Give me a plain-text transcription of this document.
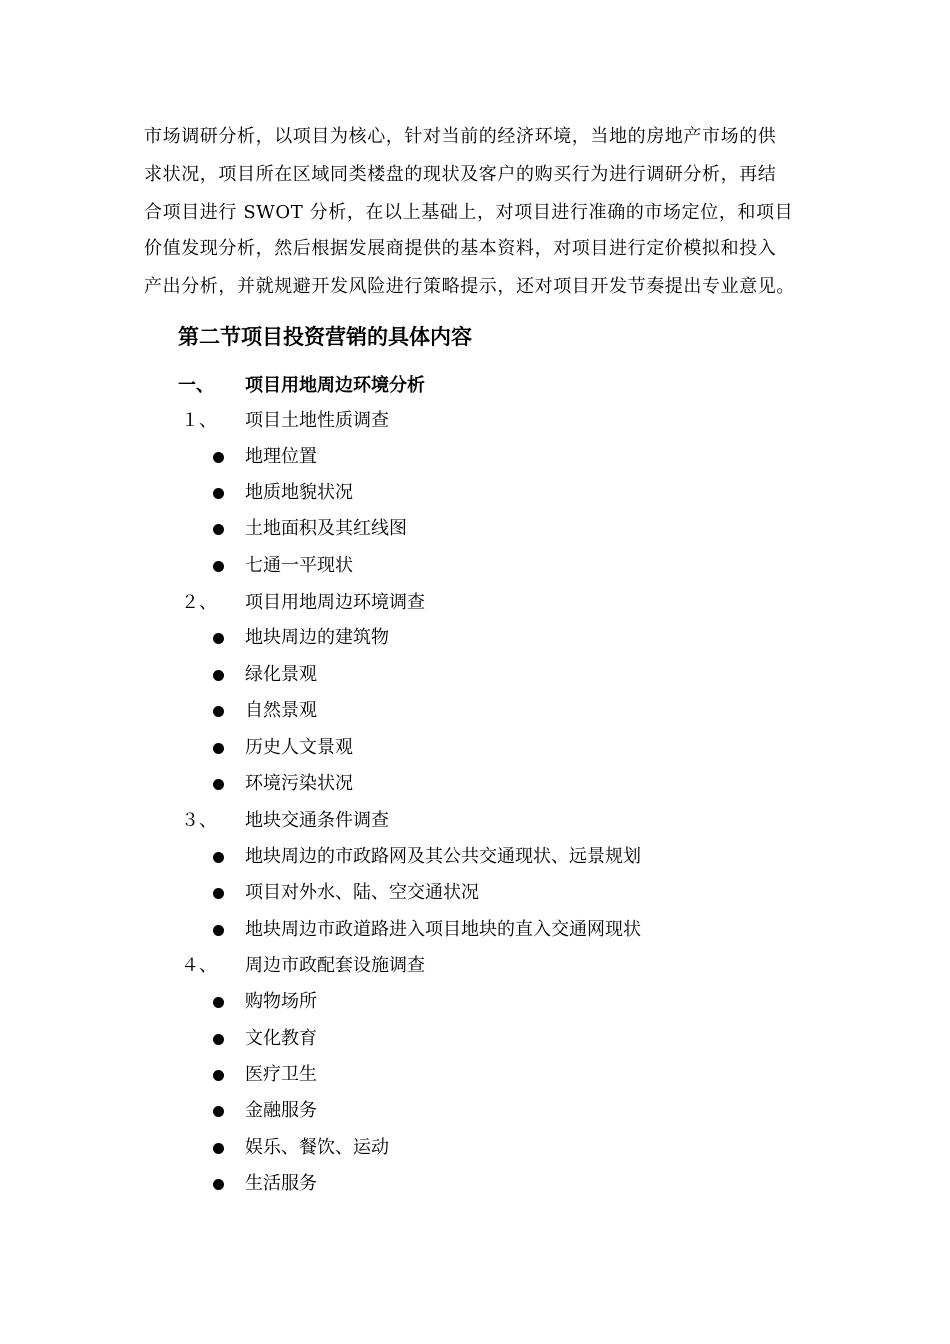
市场调研分析，以项目为核心，针对当前的经济环境，当地的房地产市场的供
求状况，项目所在区域同类楼盘的现状及客户的购买行为进行调研分析，再结
合项目进行 SWOT 分析，在以上基础上，对项目进行准确的市场定位，和项目
价值发现分析，然后根据发展商提供的基本资料，对项目进行定价模拟和投入
产出分析，并就规避开发风险进行策略提示，还对项目开发节奏提出专业意见。
第二节项目投资营销的具体内容
一、 项目用地周边环境分析
１、 项目土地性质调查
地理位置
地质地貌状况
土地面积及其红线图
七通一平现状
２、 项目用地周边环境调查
地块周边的建筑物
绿化景观
自然景观
历史人文景观
环境污染状况
３、 地块交通条件调查
地块周边的市政路网及其公共交通现状、远景规划
项目对外水、陆、空交通状况
地块周边市政道路进入项目地块的直入交通网现状
４、 周边市政配套设施调查
购物场所
文化教育
医疗卫生
金融服务
娱乐、餐饮、运动
生活服务
